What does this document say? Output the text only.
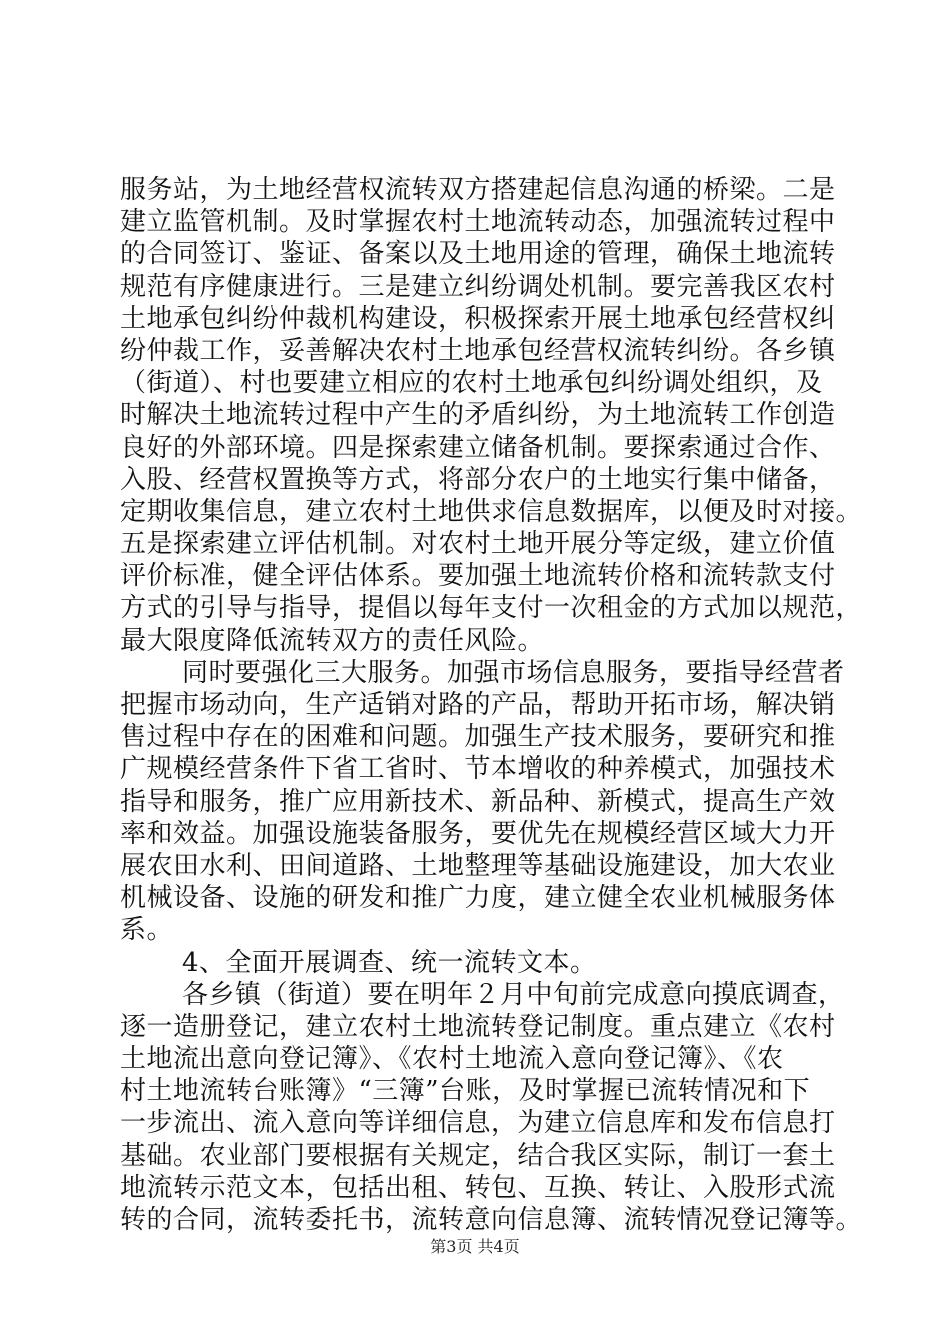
服务站，为土地经营权流转双方搭建起信息沟通的桥梁。二是
建立监管机制。及时掌握农村土地流转动态，加强流转过程中
的合同签订、鉴证、备案以及土地用途的管理，确保土地流转
规范有序健康进行。三是建立纠纷调处机制。要完善我区农村
土地承包纠纷仲裁机构建设，积极探索开展土地承包经营权纠
纷仲裁工作，妥善解决农村土地承包经营权流转纠纷。各乡镇
（街道）、村也要建立相应的农村土地承包纠纷调处组织，及
时解决土地流转过程中产生的矛盾纠纷，为土地流转工作创造
良好的外部环境。四是探索建立储备机制。要探索通过合作、
入股、经营权置换等方式，将部分农户的土地实行集中储备，
定期收集信息，建立农村土地供求信息数据库，以便及时对接。
五是探索建立评估机制。对农村土地开展分等定级，建立价值
评价标准，健全评估体系。要加强土地流转价格和流转款支付
方式的引导与指导，提倡以每年支付一次租金的方式加以规范，
最大限度降低流转双方的责任风险。
同时要强化三大服务。加强市场信息服务，要指导经营者
把握市场动向，生产适销对路的产品，帮助开拓市场，解决销
售过程中存在的困难和问题。加强生产技术服务，要研究和推
广规模经营条件下省工省时、节本增收的种养模式，加强技术
指导和服务，推广应用新技术、新品种、新模式，提高生产效
率和效益。加强设施装备服务，要优先在规模经营区域大力开
展农田水利、田间道路、土地整理等基础设施建设，加大农业
机械设备、设施的研发和推广力度，建立健全农业机械服务体
系。
4、全面开展调查、统一流转文本。
各乡镇（街道）要在明年２月中旬前完成意向摸底调查，
逐一造册登记，建立农村土地流转登记制度。重点建立《农村
土地流出意向登记簿》、《农村土地流入意向登记簿》、《农
村土地流转台账簿》“三簿”台账，及时掌握已流转情况和下
一步流出、流入意向等详细信息，为建立信息库和发布信息打
基础。农业部门要根据有关规定，结合我区实际，制订一套土
地流转示范文本，包括出租、转包、互换、转让、入股形式流
转的合同，流转委托书，流转意向信息簿、流转情况登记簿等。
第3页 共4页
